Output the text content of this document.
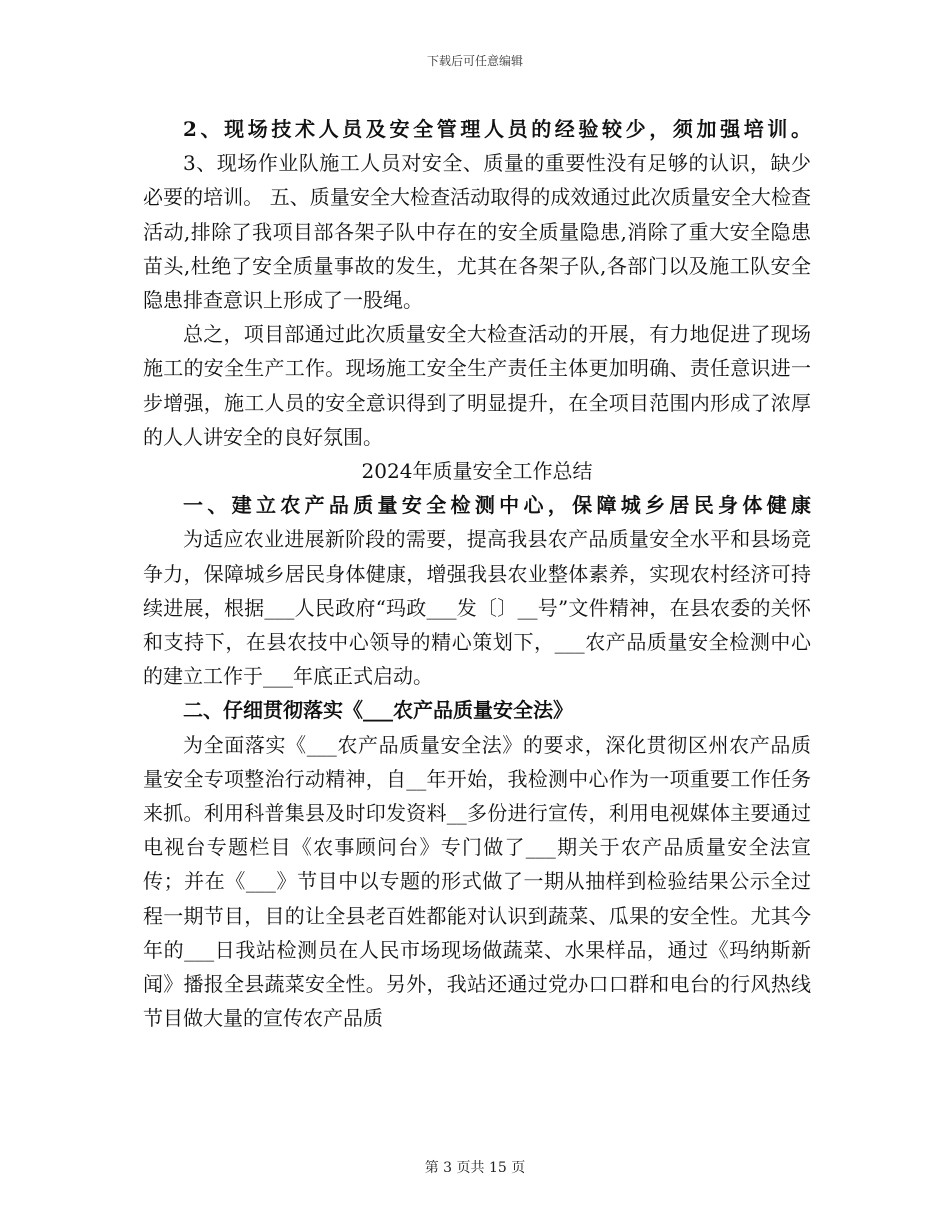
下载后可任意编辑

2、现场技术人员及安全管理人员的经验较少，须加强培训。

3、现场作业队施工人员对安全、质量的重要性没有足够的认识，缺少必要的培训。 五、质量安全大检查活动取得的成效通过此次质量安全大检查活动,排除了我项目部各架子队中存在的安全质量隐患,消除了重大安全隐患苗头,杜绝了安全质量事故的发生，尤其在各架子队,各部门以及施工队安全隐患排查意识上形成了一股绳。

总之，项目部通过此次质量安全大检查活动的开展，有力地促进了现场施工的安全生产工作。现场施工安全生产责任主体更加明确、责任意识进一步增强，施工人员的安全意识得到了明显提升，在全项目范围内形成了浓厚的人人讲安全的良好氛围。

2024年质量安全工作总结

一、建立农产品质量安全检测中心，保障城乡居民身体健康

为适应农业进展新阶段的需要，提高我县农产品质量安全水平和县场竞争力，保障城乡居民身体健康，增强我县农业整体素养，实现农村经济可持续进展，根据___人民政府“玛政___发〔〕__号”文件精神，在县农委的关怀和支持下，在县农技中心领导的精心策划下，___农产品质量安全检测中心的建立工作于___年底正式启动。

二、仔细贯彻落实《___农产品质量安全法》

为全面落实《___农产品质量安全法》的要求，深化贯彻区州农产品质量安全专项整治行动精神，自__年开始，我检测中心作为一项重要工作任务来抓。利用科普集县及时印发资料__多份进行宣传，利用电视媒体主要通过电视台专题栏目《农事顾问台》专门做了___期关于农产品质量安全法宣传；并在《___》节目中以专题的形式做了一期从抽样到检验结果公示全过程一期节目，目的让全县老百姓都能对认识到蔬菜、瓜果的安全性。尤其今年的___日我站检测员在人民市场现场做蔬菜、水果样品，通过《玛纳斯新闻》播报全县蔬菜安全性。另外，我站还通过党办口口群和电台的行风热线节目做大量的宣传农产品质

第 3 页共 15 页
